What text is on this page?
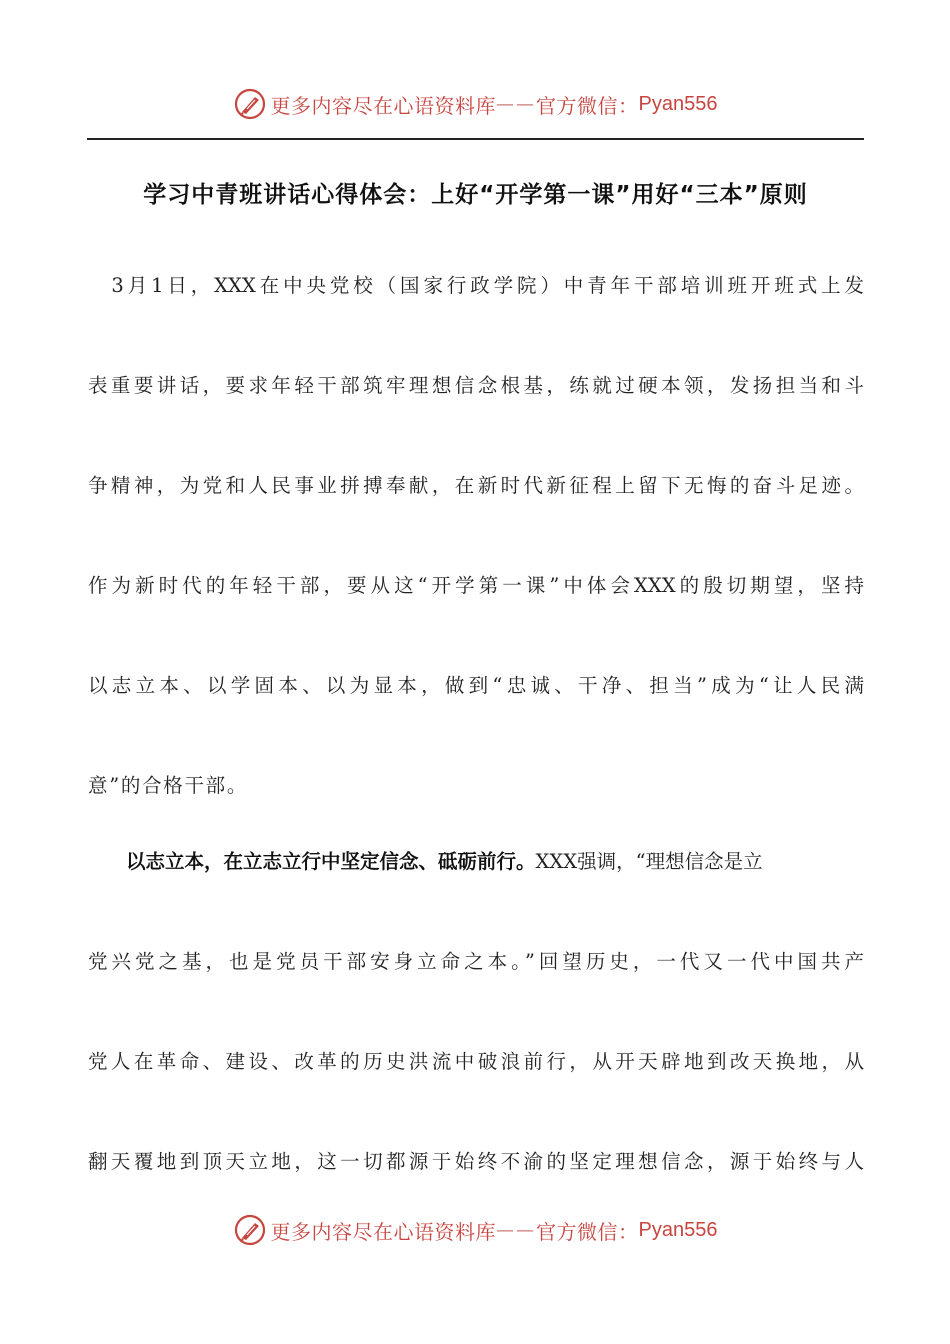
更多内容尽在心语资料库 —— 官方微信： Pyan556
学习中青班讲话心得体会：上好“开学第一课”用好“三本”原则
　3月1日，XXX在中央党校（国家行政学院）中青年干部培训班开班式上发
表重要讲话，要求年轻干部筑牢理想信念根基，练就过硬本领，发扬担当和斗
争精神，为党和人民事业拼搏奉献，在新时代新征程上留下无悔的奋斗足迹。
作为新时代的年轻干部，要从这“开学第一课”中体会XXX的殷切期望，坚持
以志立本、以学固本、以为显本，做到“忠诚、干净、担当”成为“让人民满
意”的合格干部。
以志立本，在立志立行中坚定信念、砥砺前行。XXX强调，“理想信念是立
党兴党之基，也是党员干部安身立命之本。”回望历史，一代又一代中国共产
党人在革命、建设、改革的历史洪流中破浪前行，从开天辟地到改天换地，从
翻天覆地到顶天立地，这一切都源于始终不渝的坚定理想信念，源于始终与人
更多内容尽在心语资料库 —— 官方微信： Pyan556
